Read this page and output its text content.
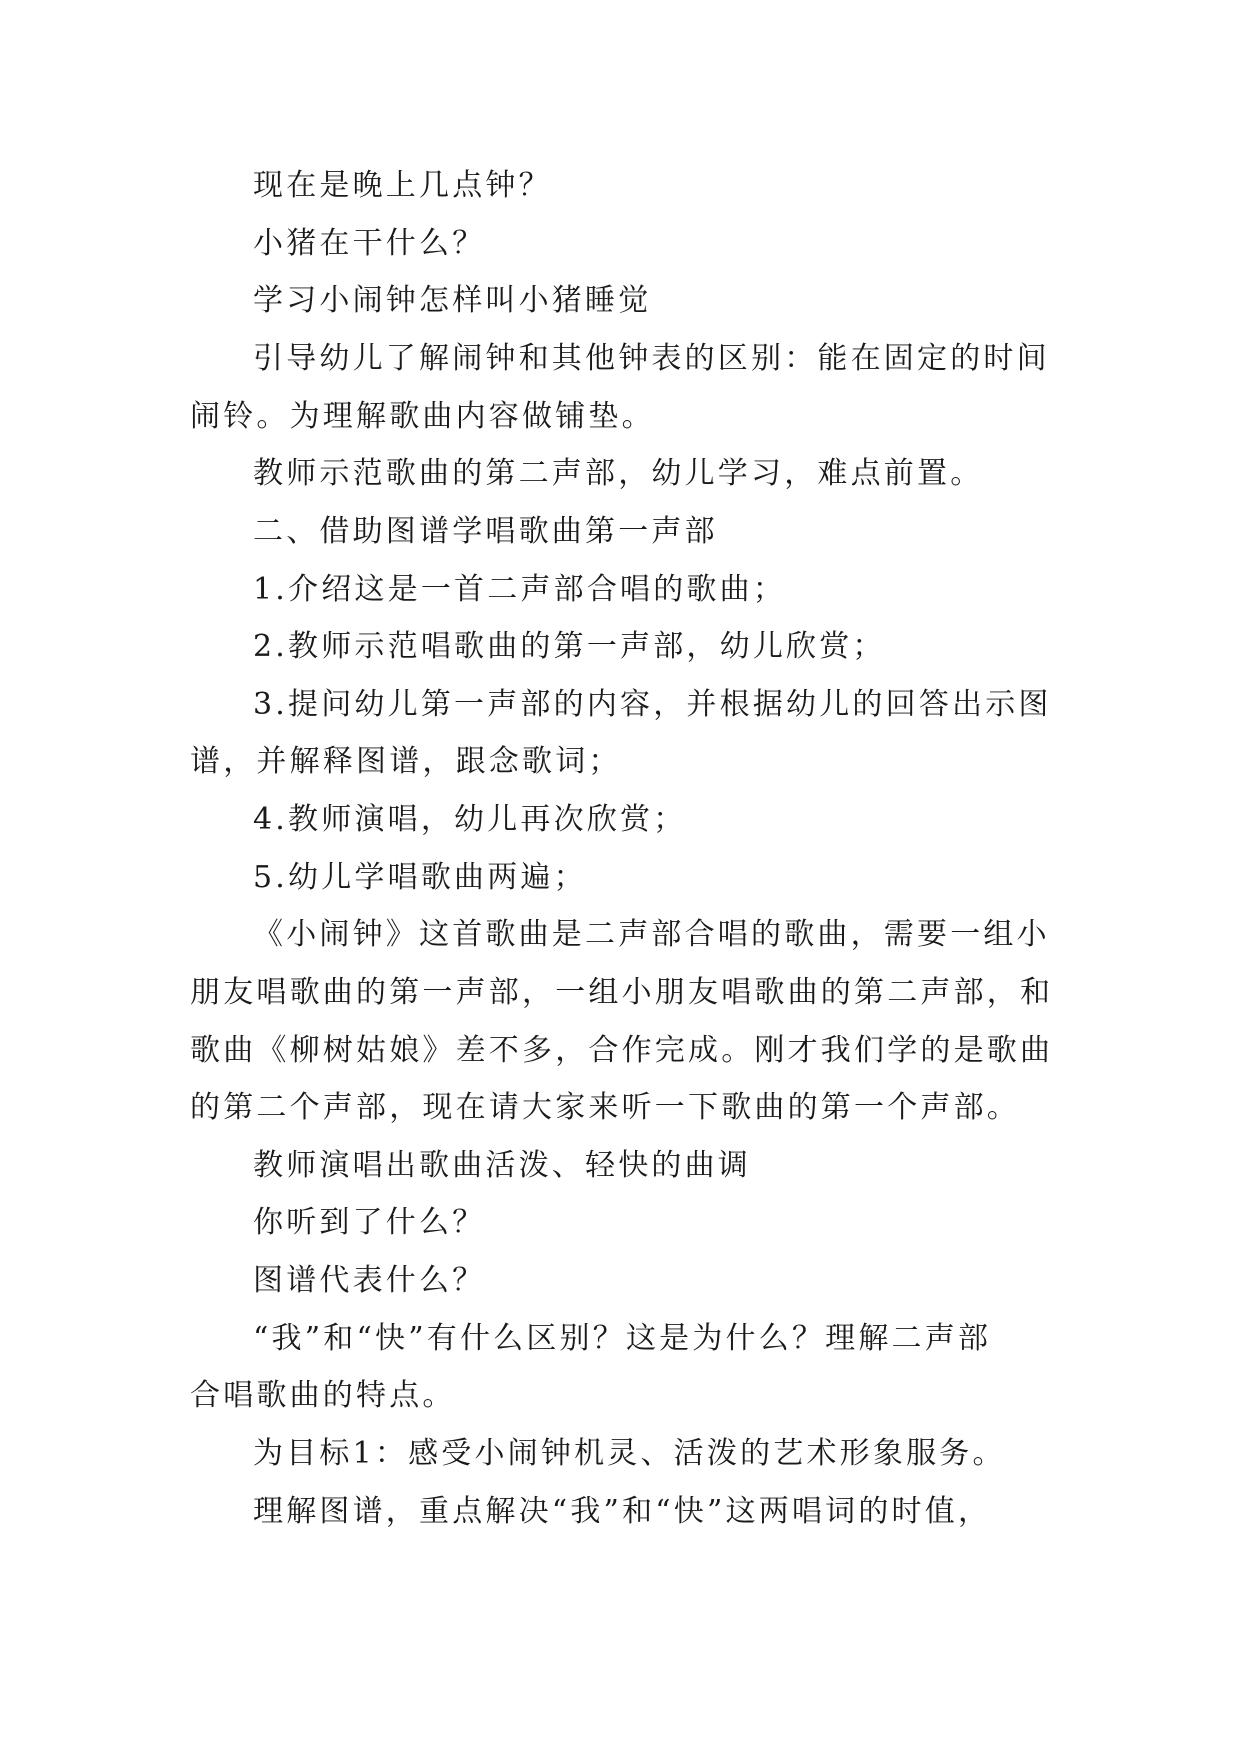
现在是晚上几点钟？

小猪在干什么？

学习小闹钟怎样叫小猪睡觉

引导幼儿了解闹钟和其他钟表的区别：能在固定的时间

闹铃。为理解歌曲内容做铺垫。

教师示范歌曲的第二声部，幼儿学习，难点前置。

二、借助图谱学唱歌曲第一声部

1.介绍这是一首二声部合唱的歌曲；

2.教师示范唱歌曲的第一声部，幼儿欣赏；

3.提问幼儿第一声部的内容，并根据幼儿的回答出示图

谱，并解释图谱，跟念歌词；

4.教师演唱，幼儿再次欣赏；

5.幼儿学唱歌曲两遍；

《小闹钟》这首歌曲是二声部合唱的歌曲，需要一组小

朋友唱歌曲的第一声部，一组小朋友唱歌曲的第二声部，和

歌曲《柳树姑娘》差不多，合作完成。刚才我们学的是歌曲

的第二个声部，现在请大家来听一下歌曲的第一个声部。

教师演唱出歌曲活泼、轻快的曲调

你听到了什么？

图谱代表什么？

“我”和“快”有什么区别？这是为什么？理解二声部

合唱歌曲的特点。

为目标1：感受小闹钟机灵、活泼的艺术形象服务。

理解图谱，重点解决“我”和“快”这两唱词的时值，
